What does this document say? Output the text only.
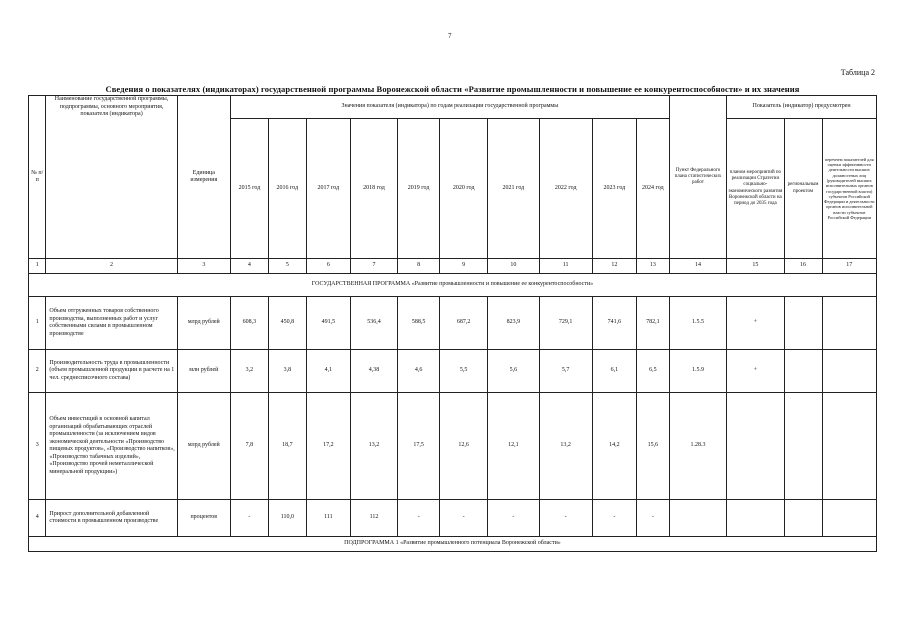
7
Таблица 2
Сведения о показателях (индикаторах) государственной программы Воронежской области «Развитие промышленности и повышение ее конкурентоспособности» и их значения
№ п/п	Наименование государственной программы, подпрограммы, основного мероприятия, показателя (индикатора)	Единица измерения	Значения показателя (индикатора) по годам реализации государственной программы										Пункт Федерального плана статистических работ	Показатель (индикатор) предусмотрен		
			2015 год	2016 год	2017 год	2018 год	2019 год	2020 год	2021 год	2022 год	2023 год	2024 год		планом мероприятий по реализации Стратегии социально-экономического развития Воронежской области на период до 2035 года	региональным проектом	перечнем показателей для оценки эффективности деятельности высших должностных лиц (руководителей высших исполнительных органов государственной власти) субъектов Российской Федерации и деятельности органов исполнительной власти субъектов Российской Федерации
1	2	3	4	5	6	7	8	9	10	11	12	13	14	15	16	17
ГОСУДАРСТВЕННАЯ ПРОГРАММА «Развитие промышленности и повышение ее конкурентоспособности»																
1	Объем отгруженных товаров собственного производства, выполненных работ и услуг собственными силами в промышленном производстве	млрд рублей	608,3	450,8	491,5	536,4	588,5	687,2	823,9	729,1	741,6	782,1	1.5.5	+		
2	Производительность труда в промышленности (объем промышленной продукции в расчете на 1 чел. среднесписочного состава)	млн рублей	3,2	3,8	4,1	4,38	4,6	5,5	5,6	5,7	6,1	6,5	1.5.9	+		
3	Объем инвестиций в основной капитал организаций обрабатывающих отраслей промышленности (за исключением видов экономической деятельности «Производство пищевых продуктов», «Производство напитков», «Производство табачных изделий», «Производство прочей неметаллической минеральной продукции»)	млрд рублей	7,8	18,7	17,2	13,2	17,5	12,6	12,1	13,2	14,2	15,6	1.28.3			
4	Прирост дополнительной добавленной стоимости в промышленном производстве	процентов	-	110,0	111	112	-	-	-	-	-	-				
ПОДПРОГРАММА 1 «Развитие промышленного потенциала Воронежской области»																
